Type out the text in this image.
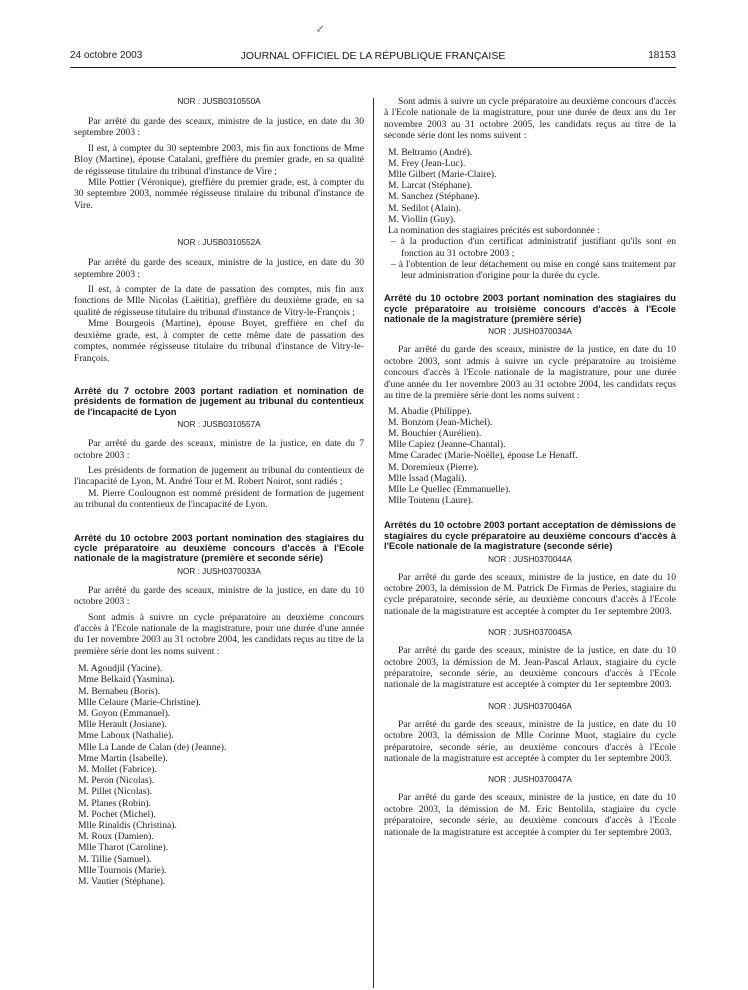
↙
24 octobre 2003	JOURNAL OFFICIEL DE LA RÉPUBLIQUE FRANÇAISE	18153
NOR : JUSB0310550A

Par arrêté du garde des sceaux, ministre de la justice, en date du 30 septembre 2003 :

Il est, à compter du 30 septembre 2003, mis fin aux fonctions de Mme Bloy (Martine), épouse Catalani, greffière du premier grade, en sa qualité de régisseuse titulaire du tribunal d'instance de Vire ;

Mlle Pottier (Véronique), greffière du premier grade, est, à compter du 30 septembre 2003, nommée régisseuse titulaire du tribunal d'instance de Vire.

NOR : JUSB0310552A

Par arrêté du garde des sceaux, ministre de la justice, en date du 30 septembre 2003 :

Il est, à compter de la date de passation des comptes, mis fin aux fonctions de Mlle Nicolas (Laëtitia), greffière du deuxième grade, en sa qualité de régisseuse titulaire du tribunal d'instance de Vitry-le-François ;

Mme Bourgeois (Martine), épouse Boyet, greffière en chef du deuxième grade, est, à compter de cette même date de passation des comptes, nommée régisseuse titulaire du tribunal d'instance de Vitry-le-François.

Arrêté du 7 octobre 2003 portant radiation et nomination de présidents de formation de jugement au tribunal du contentieux de l'incapacité de Lyon
NOR : JUSB0310557A

Par arrêté du garde des sceaux, ministre de la justice, en date du 7 octobre 2003 :

Les présidents de formation de jugement au tribunal du contentieux de l'incapacité de Lyon, M. André Tour et M. Robert Noirot, sont radiés ;

M. Pierre Coulougnon est nommé président de formation de jugement au tribunal du contentieux de l'incapacité de Lyon.

Arrêté du 10 octobre 2003 portant nomination des stagiaires du cycle préparatoire au deuxième concours d'accès à l'Ecole nationale de la magistrature (première et seconde série)
NOR : JUSH0370033A

Par arrêté du garde des sceaux, ministre de la justice, en date du 10 octobre 2003 :

Sont admis à suivre un cycle préparatoire au deuxième concours d'accès à l'Ecole nationale de la magistrature, pour une durée d'une année du 1er novembre 2003 au 31 octobre 2004, les candidats reçus au titre de la première série dont les noms suivent :

M. Agoudjil (Yacine).
Mme Belkaid (Yasmina).
M. Bernabeu (Boris).
Mlle Celaure (Marie-Christine).
M. Goyon (Emmanuel).
Mlle Herault (Josiane).
Mme Laboux (Nathalie).
Mlle La Lande de Calan (de) (Jeanne).
Mme Martin (Isabelle).
M. Mollet (Fabrice).
M. Peron (Nicolas).
M. Pillet (Nicolas).
M. Planes (Robin).
M. Pochet (Michel).
Mlle Rinaldis (Christina).
M. Roux (Damien).
Mlle Tharot (Caroline).
M. Tillie (Samuel).
Mlle Tournois (Marie).
M. Vautier (Stéphane).

Sont admis à suivre un cycle préparatoire au deuxième concours d'accès à l'Ecole nationale de la magistrature, pour une durée de deux ans du 1er novembre 2003 au 31 octobre 2005, les candidats reçus au titre de la seconde série dont les noms suivent :

M. Beltramo (André).
M. Frey (Jean-Luc).
Mlle Gilbert (Marie-Claire).
M. Larcat (Stéphane).
M. Sanchez (Stéphane).
M. Sedilot (Alain).
M. Viollin (Guy).

La nomination des stagiaires précités est subordonnée :

– à la production d'un certificat administratif justifiant qu'ils sont en fonction au 31 octobre 2003 ;
– à l'obtention de leur détachement ou mise en congé sans traitement par leur administration d'origine pour la durée du cycle.
Arrêté du 10 octobre 2003 portant nomination des stagiaires du cycle préparatoire au troisième concours d'accès à l'Ecole nationale de la magistrature (première série)
NOR : JUSH0370034A

Par arrêté du garde des sceaux, ministre de la justice, en date du 10 octobre 2003, sont admis à suivre un cycle préparatoire au troisième concours d'accès à l'Ecole nationale de la magistrature, pour une durée d'une année du 1er novembre 2003 au 31 octobre 2004, les candidats reçus au titre de la première série dont les noms suivent :

M. Abadie (Philippe).
M. Bonzom (Jean-Michel).
M. Bouchier (Aurélien).
Mlle Capiez (Jeanne-Chantal).
Mme Caradec (Marie-Noëlle), épouse Le Henaff.
M. Doremieux (Pierre).
Mlle Issad (Magali).
Mlle Le Quellec (Emmanuelle).
Mlle Toutenu (Laure).
Arrêtés du 10 octobre 2003 portant acceptation de démissions de stagiaires du cycle préparatoire au deuxième concours d'accès à l'Ecole nationale de la magistrature (seconde série)
NOR : JUSH0370044A

Par arrêté du garde des sceaux, ministre de la justice, en date du 10 octobre 2003, la démission de M. Patrick De Firmas de Peries, stagiaire du cycle préparatoire, seconde série, au deuxième concours d'accès à l'Ecole nationale de la magistrature est acceptée à compter du 1er septembre 2003.

NOR : JUSH0370045A

Par arrêté du garde des sceaux, ministre de la justice, en date du 10 octobre 2003, la démission de M. Jean-Pascal Arlaux, stagiaire du cycle préparatoire, seconde série, au deuxième concours d'accès à l'Ecole nationale de la magistrature est acceptée à compter du 1er septembre 2003.

NOR : JUSH0370046A

Par arrêté du garde des sceaux, ministre de la justice, en date du 10 octobre 2003, la démission de Mlle Corinne Muot, stagiaire du cycle préparatoire, seconde série, au deuxième concours d'accès à l'Ecole nationale de la magistrature est acceptée à compter du 1er septembre 2003.

NOR : JUSH0370047A

Par arrêté du garde des sceaux, ministre de la justice, en date du 10 octobre 2003, la démission de M. Eric Bentolila, stagiaire du cycle préparatoire, seconde série, au deuxième concours d'accès à l'Ecole nationale de la magistrature est acceptée à compter du 1er septembre 2003.
